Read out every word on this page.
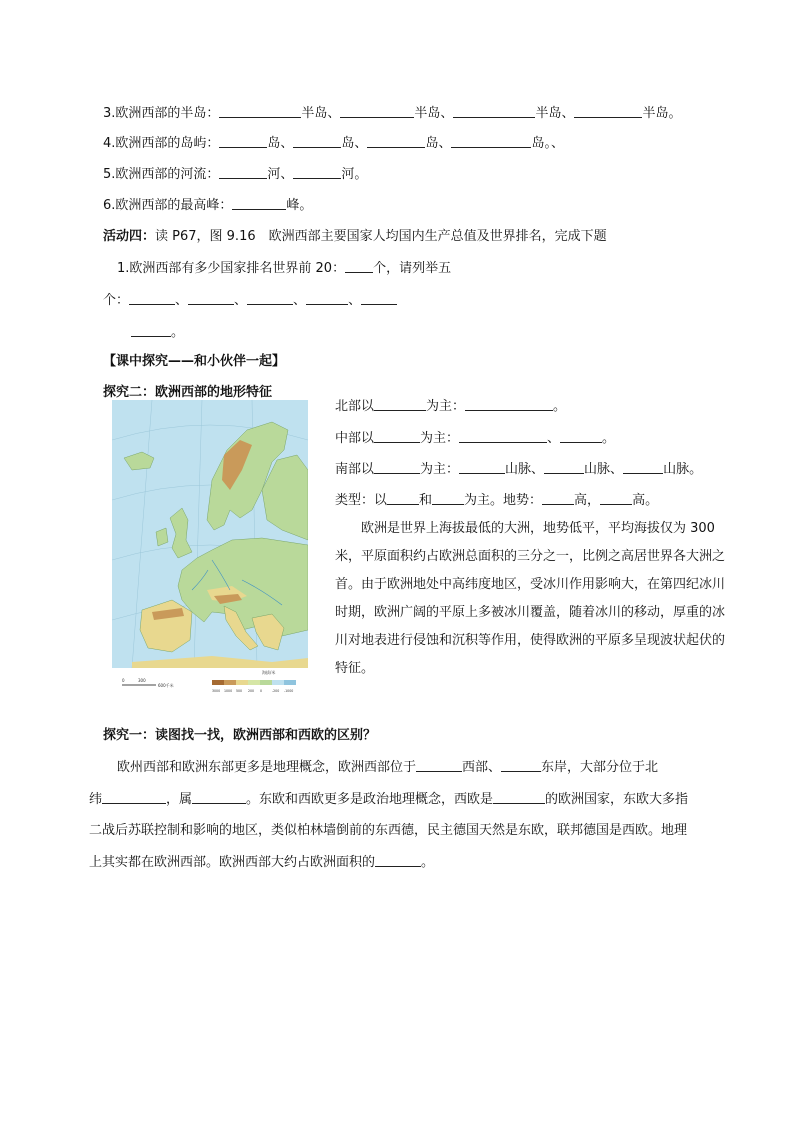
3.欧洲西部的半岛：	半岛、	半岛、	半岛、	半岛。
4.欧洲西部的岛屿：	岛、	岛、	岛、	岛。、
5.欧洲西部的河流：	河、	河。
6.欧洲西部的最高峰：	峰。
活动四：读 P67，图 9.16　欧洲西部主要国家人均国内生产总值及世界排名，完成下题
1.欧洲西部有多少国家排名世界前 20： 个，请列举五
个：	、	、	、	、
。
【课中探究——和小伙伴一起】
探究二：欧洲西部的地形特征
北部以	为主：	。
中部以	为主：	、	。
南部以	为主：	山脉、	山脉、	山脉。
类型：以 和 为主。地势： 高， 高。
欧洲是世界上海拔最低的大洲，地势低平，平均海拔仅为 300 米，平原面积约占欧洲总面积的三分之一，比例之高居世界各大洲之首。由于欧洲地处中高纬度地区，受冰川作用影响大，在第四纪冰川时期，欧洲广阔的平原上多被冰川覆盖，随着冰川的移动，厚重的冰川对地表进行侵蚀和沉积等作用，使得欧洲的平原多呈现波状起伏的特征。
0	300
600千米
海拔/米
3000 1000 500 200 0	-200 -1000
探究一：读图找一找，欧洲西部和西欧的区别？
欧州西部和欧洲东部更多是地理概念，欧洲西部位于	西部、	东岸，大部分位于北
纬	，属	。东欧和西欧更多是政治地理概念，西欧是	的欧洲国家，东欧大多指
二战后苏联控制和影响的地区，类似柏林墙倒前的东西德，民主德国天然是东欧，联邦德国是西欧。地理
上其实都在欧洲西部。欧洲西部大约占欧洲面积的	。
